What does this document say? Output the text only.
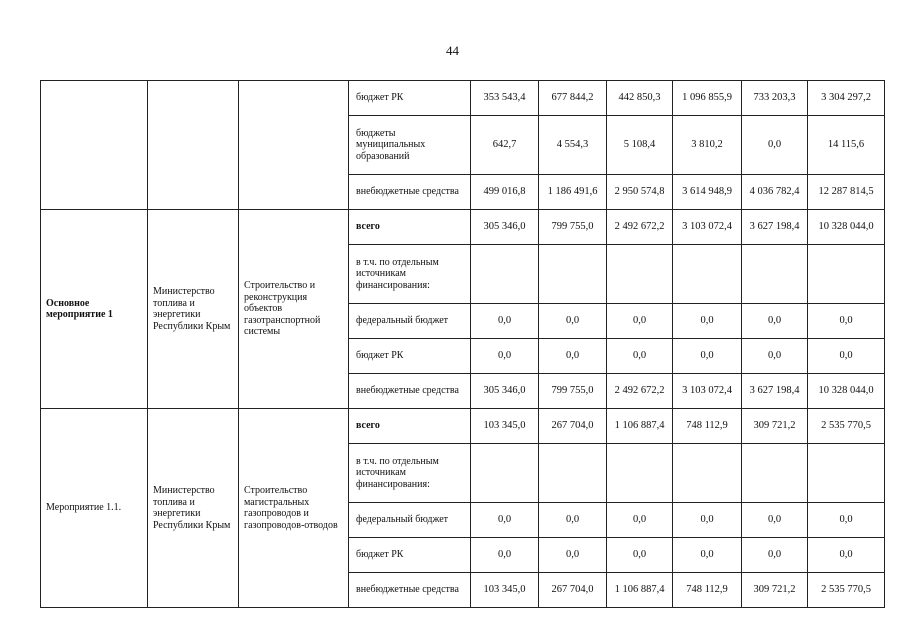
44
			бюджет РК	353 543,4	677 844,2	442 850,3	1 096 855,9	733 203,3	3 304 297,2
			бюджеты муниципальных образований	642,7	4 554,3	5 108,4	3 810,2	0,0	14 115,6
			внебюджетные средства	499 016,8	1 186 491,6	2 950 574,8	3 614 948,9	4 036 782,4	12 287 814,5
Основное мероприятие 1	Министерство топлива и энергетики Республики Крым	Строительство и реконструкция объектов газотранспортной системы	всего	305 346,0	799 755,0	2 492 672,2	3 103 072,4	3 627 198,4	10 328 044,0
			в т.ч. по отдельным источникам финансирования:						
			федеральный бюджет	0,0	0,0	0,0	0,0	0,0	0,0
			бюджет РК	0,0	0,0	0,0	0,0	0,0	0,0
			внебюджетные средства	305 346,0	799 755,0	2 492 672,2	3 103 072,4	3 627 198,4	10 328 044,0
Мероприятие 1.1.	Министерство топлива и энергетики Республики Крым	Строительство магистральных газопроводов и газопроводов-отводов	всего	103 345,0	267 704,0	1 106 887,4	748 112,9	309 721,2	2 535 770,5
			в т.ч. по отдельным источникам финансирования:						
			федеральный бюджет	0,0	0,0	0,0	0,0	0,0	0,0
			бюджет РК	0,0	0,0	0,0	0,0	0,0	0,0
			внебюджетные средства	103 345,0	267 704,0	1 106 887,4	748 112,9	309 721,2	2 535 770,5
